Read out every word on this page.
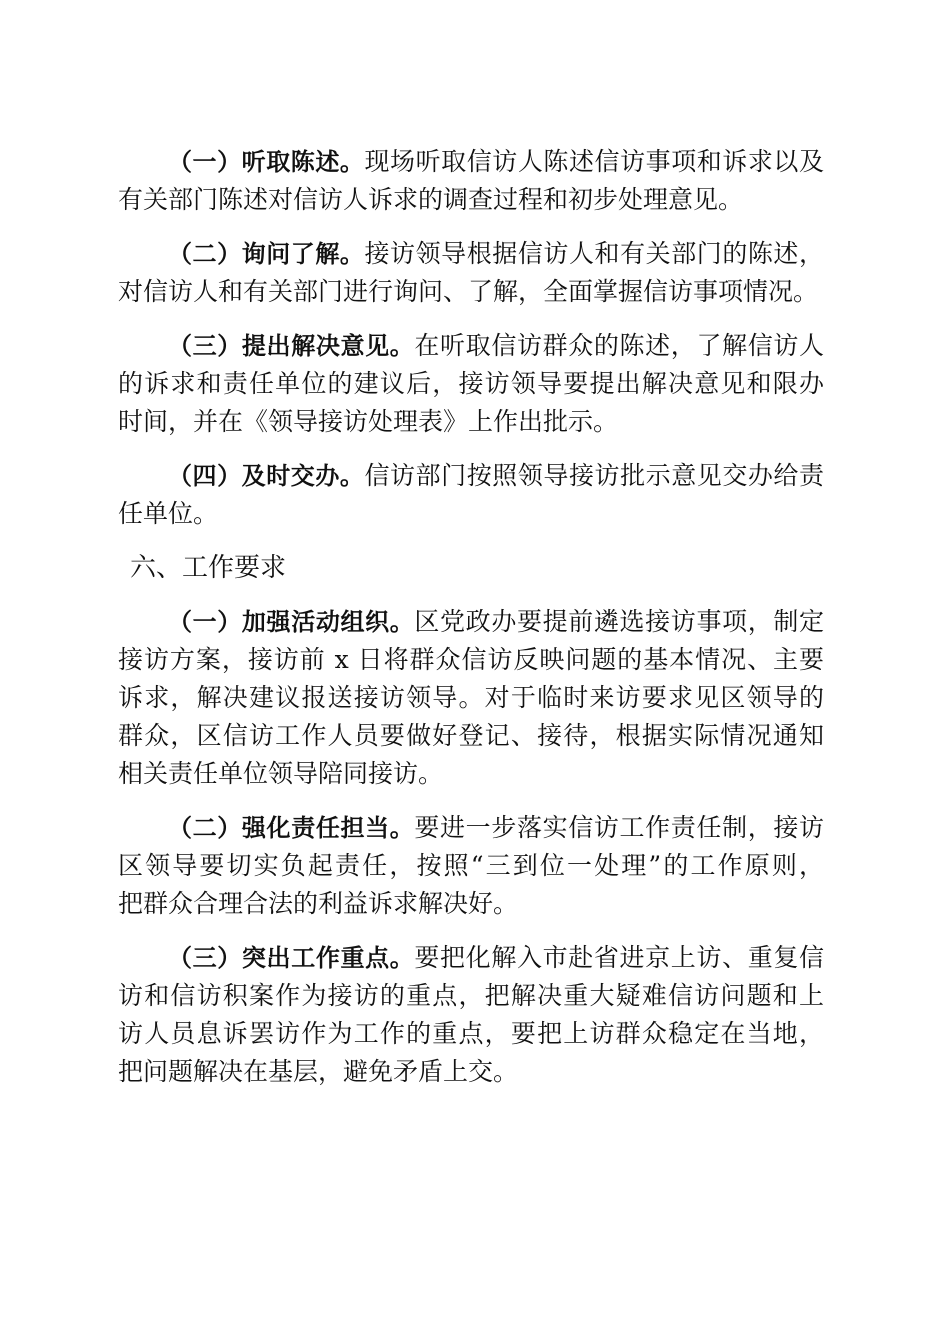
（一）听取陈述。现场听取信访人陈述信访事项和诉求以及
有关部门陈述对信访人诉求的调查过程和初步处理意见。
（二）询问了解。接访领导根据信访人和有关部门的陈述，
对信访人和有关部门进行询问、了解，全面掌握信访事项情况。
（三）提出解决意见。在听取信访群众的陈述，了解信访人
的诉求和责任单位的建议后，接访领导要提出解决意见和限办
时间，并在《领导接访处理表》上作出批示。
（四）及时交办。信访部门按照领导接访批示意见交办给责
任单位。
六、工作要求
（一）加强活动组织。区党政办要提前遴选接访事项，制定
接访方案，接访前 x 日将群众信访反映问题的基本情况、主要
诉求，解决建议报送接访领导。对于临时来访要求见区领导的
群众，区信访工作人员要做好登记、接待，根据实际情况通知
相关责任单位领导陪同接访。
（二）强化责任担当。要进一步落实信访工作责任制，接访
区领导要切实负起责任，按照“三到位一处理”的工作原则，
把群众合理合法的利益诉求解决好。
（三）突出工作重点。要把化解入市赴省进京上访、重复信
访和信访积案作为接访的重点，把解决重大疑难信访问题和上
访人员息诉罢访作为工作的重点，要把上访群众稳定在当地，
把问题解决在基层，避免矛盾上交。
